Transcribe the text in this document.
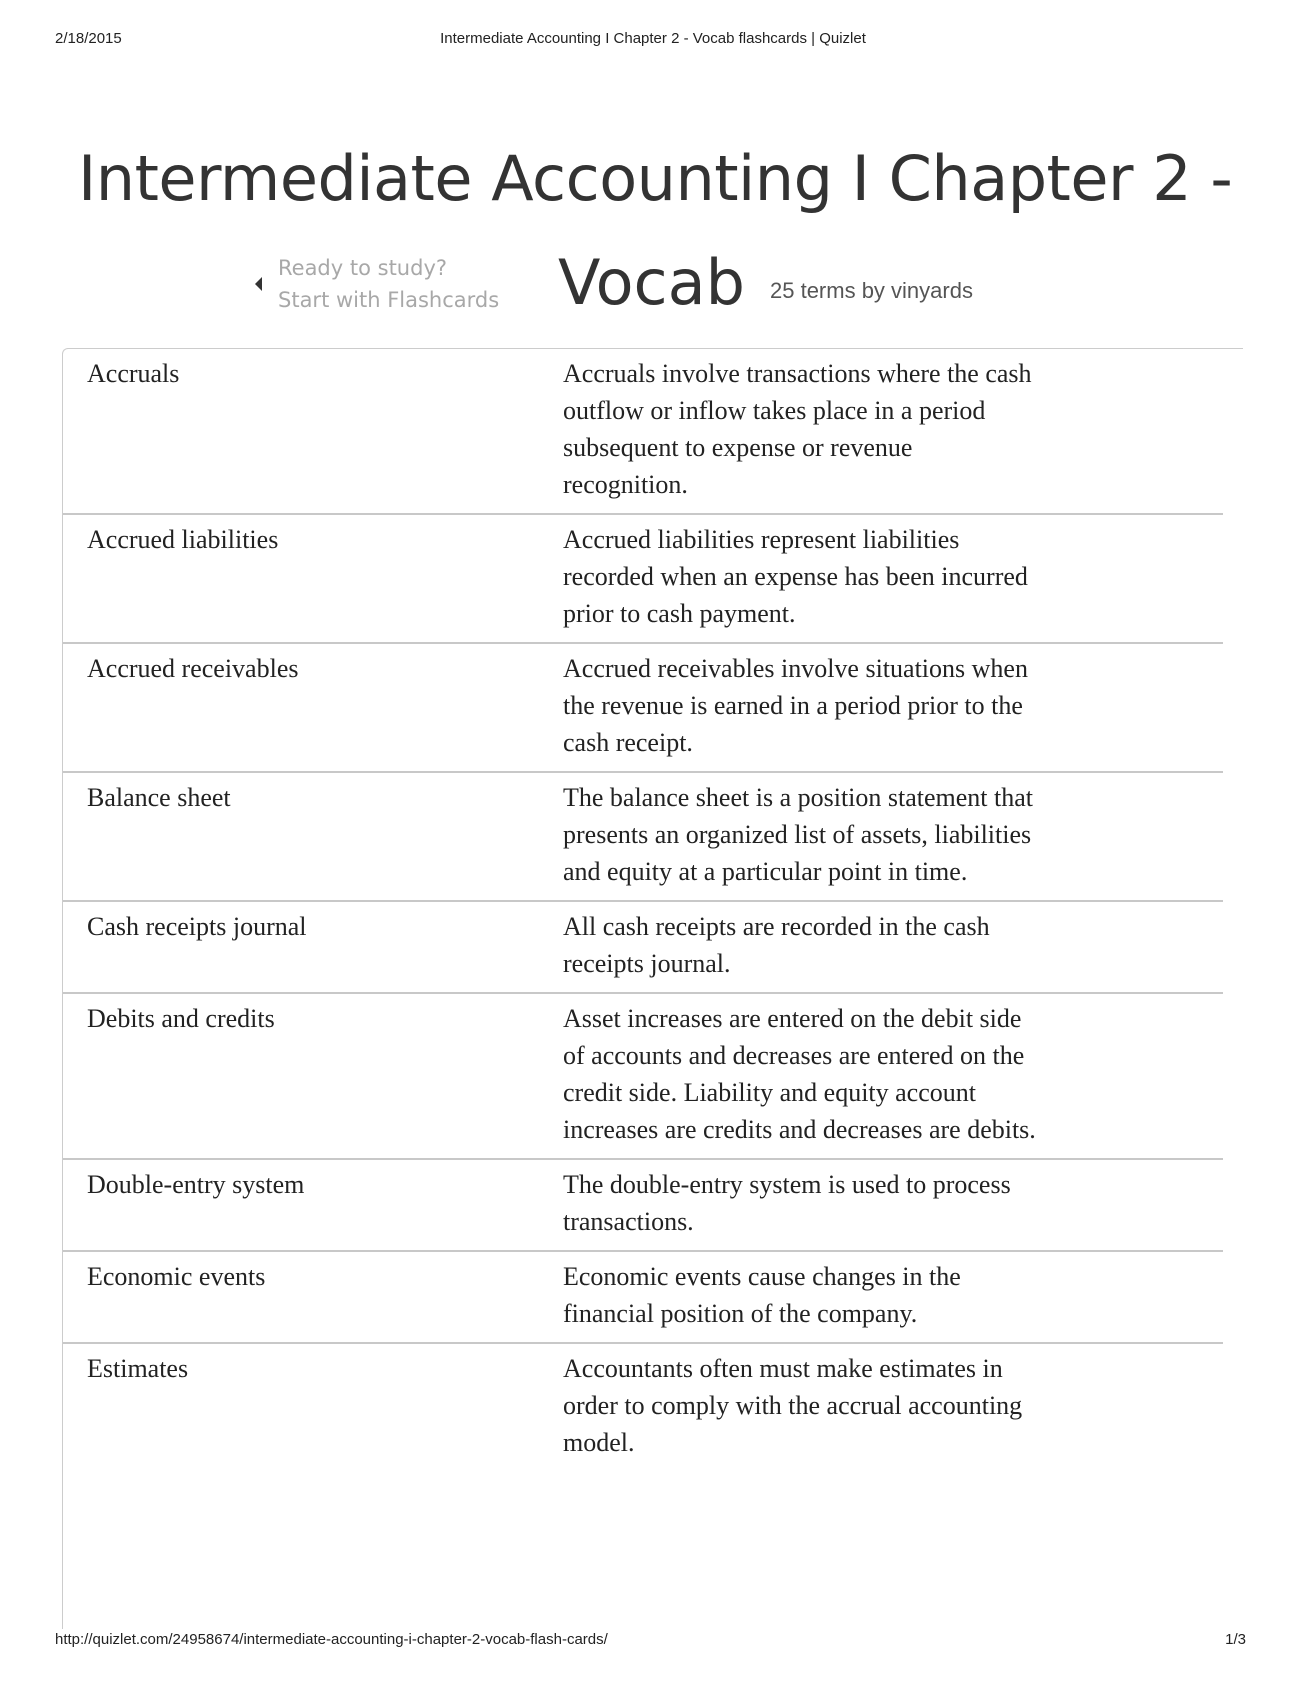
2/18/2015	Intermediate Accounting I Chapter 2 - Vocab flashcards | Quizlet
Intermediate Accounting I Chapter 2 -
Ready to study?
Start with Flashcards Vocab 25 terms by vinyards
Accruals	Accruals involve transactions where the cash outflow or inflow takes place in a period subsequent to expense or revenue recognition.
Accrued liabilities	Accrued liabilities represent liabilities recorded when an expense has been incurred prior to cash payment.
Accrued receivables	Accrued receivables involve situations when the revenue is earned in a period prior to the cash receipt.
Balance sheet	The balance sheet is a position statement that presents an organized list of assets, liabilities and equity at a particular point in time.
Cash receipts journal	All cash receipts are recorded in the cash receipts journal.
Debits and credits	Asset increases are entered on the debit side of accounts and decreases are entered on the credit side. Liability and equity account increases are credits and decreases are debits.
Double-entry system	The double-entry system is used to process transactions.
Economic events	Economic events cause changes in the financial position of the company.
Estimates	Accountants often must make estimates in order to comply with the accrual accounting model.
http://quizlet.com/24958674/intermediate-accounting-i-chapter-2-vocab-flash-cards/	1/3
